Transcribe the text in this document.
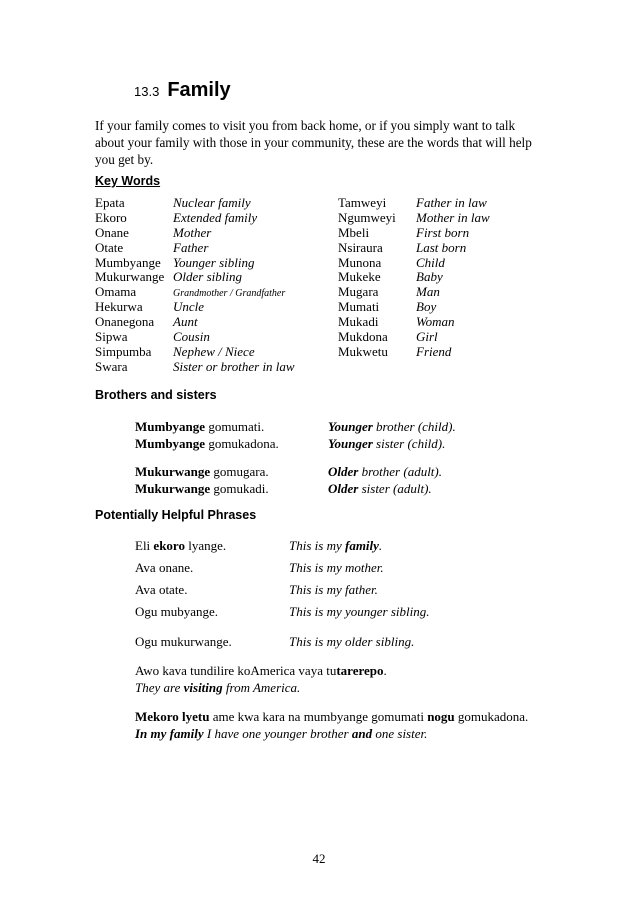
13.3 Family
If your family comes to visit you from back home, or if you simply want to talk about your family with those in your community, these are the words that will help you get by.
Key Words
Epata	Nuclear family
Ekoro	Extended family
Onane	Mother
Otate	Father
Mumbyange Younger sibling
Mukurwange Older sibling
Omama	Grandmother / Grandfather
Hekurwa	Uncle
Onanegona	Aunt
Sipwa	Cousin
Simpumba	Nephew / Niece
Swara	Sister or brother in law
Tamweyi	Father in law
Ngumweyi	Mother in law
Mbeli	First born
Nsiraura	Last born
Munona	Child
Mukeke	Baby
Mugara	Man
Mumati	Boy
Mukadi	Woman
Mukdona	Girl
Mukwetu	Friend
Brothers and sisters
Mumbyange gomumati.	Younger brother (child).
Mumbyange gomukadona.	Younger sister (child).
Mukurwange gomugara.	Older brother (adult).
Mukurwange gomukadi.	Older sister (adult).
Potentially Helpful Phrases
Eli ekoro lyange.	This is my family.
Ava onane.	This is my mother.
Ava otate.	This is my father.
Ogu mubyange.	This is my younger sibling.
Ogu mukurwange.	This is my older sibling.
Awo kava tundilire koAmerica vaya tutarerepo.
They are visiting from America.
Mekoro lyetu ame kwa kara na mumbyange gomumati nogu gomukadona.
In my family I have one younger brother and one sister.
42
